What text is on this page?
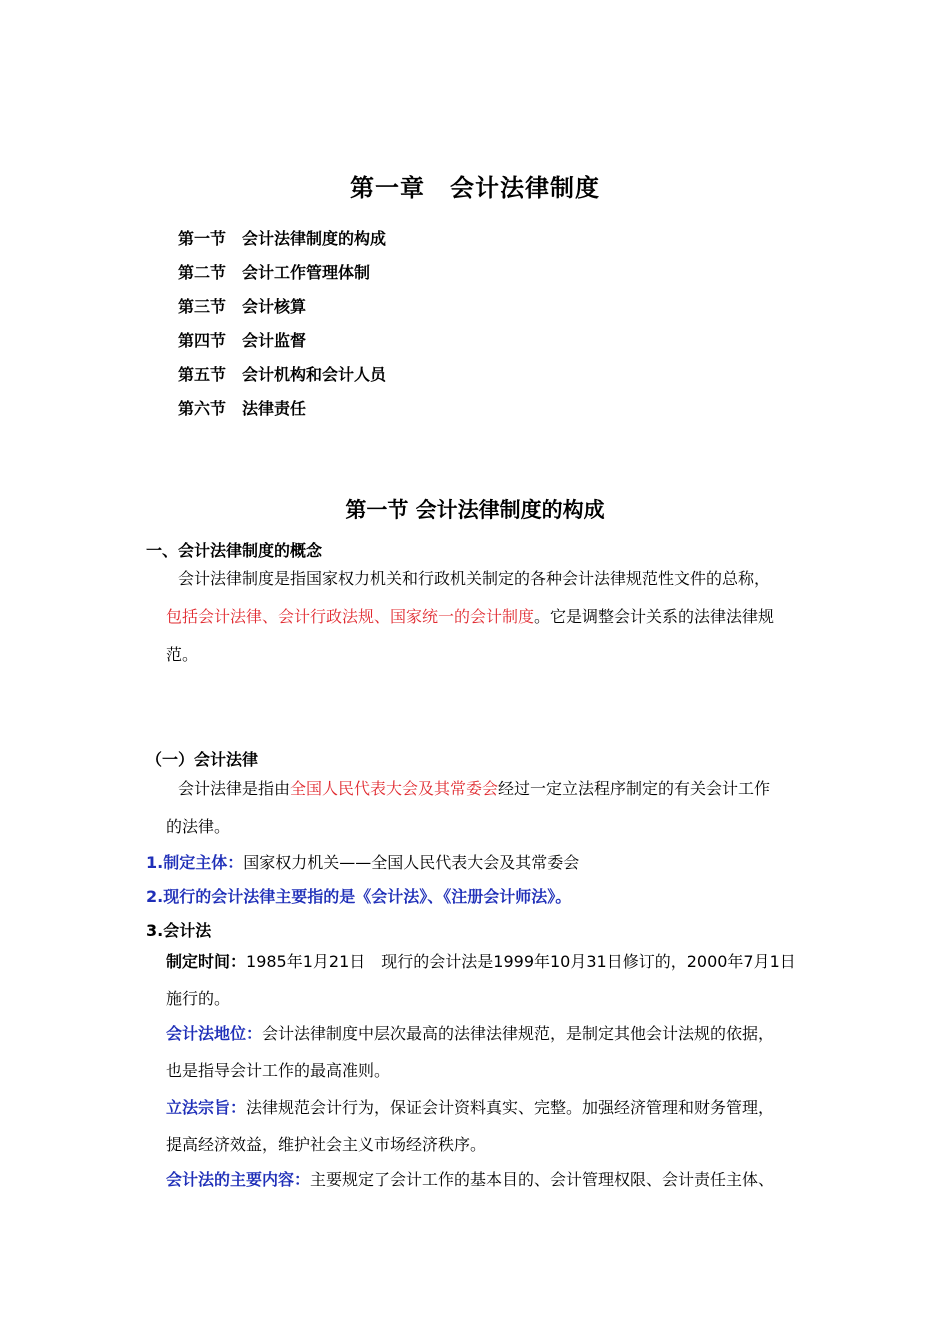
第一章　会计法律制度
第一节 会计法律制度的构成
第二节 会计工作管理体制
第三节 会计核算
第四节 会计监督
第五节 会计机构和会计人员
第六节 法律责任
第一节 会计法律制度的构成
一、会计法律制度的概念
会计法律制度是指国家权力机关和行政机关制定的各种会计法律规范性文件的总称，
包括会计法律、会计行政法规、国家统一的会计制度。它是调整会计关系的法律法律规
范。
（一）会计法律
会计法律是指由全国人民代表大会及其常委会经过一定立法程序制定的有关会计工作
的法律。
1.制定主体：国家权力机关——全国人民代表大会及其常委会
2.现行的会计法律主要指的是《会计法》、《注册会计师法》。
3.会计法
制定时间：1985年1月21日　现行的会计法是1999年10月31日修订的，2000年7月1日
施行的。
会计法地位：会计法律制度中层次最高的法律法律规范，是制定其他会计法规的依据，
也是指导会计工作的最高准则。
立法宗旨：法律规范会计行为，保证会计资料真实、完整。加强经济管理和财务管理，
提高经济效益，维护社会主义市场经济秩序。
会计法的主要内容：主要规定了会计工作的基本目的、会计管理权限、会计责任主体、
